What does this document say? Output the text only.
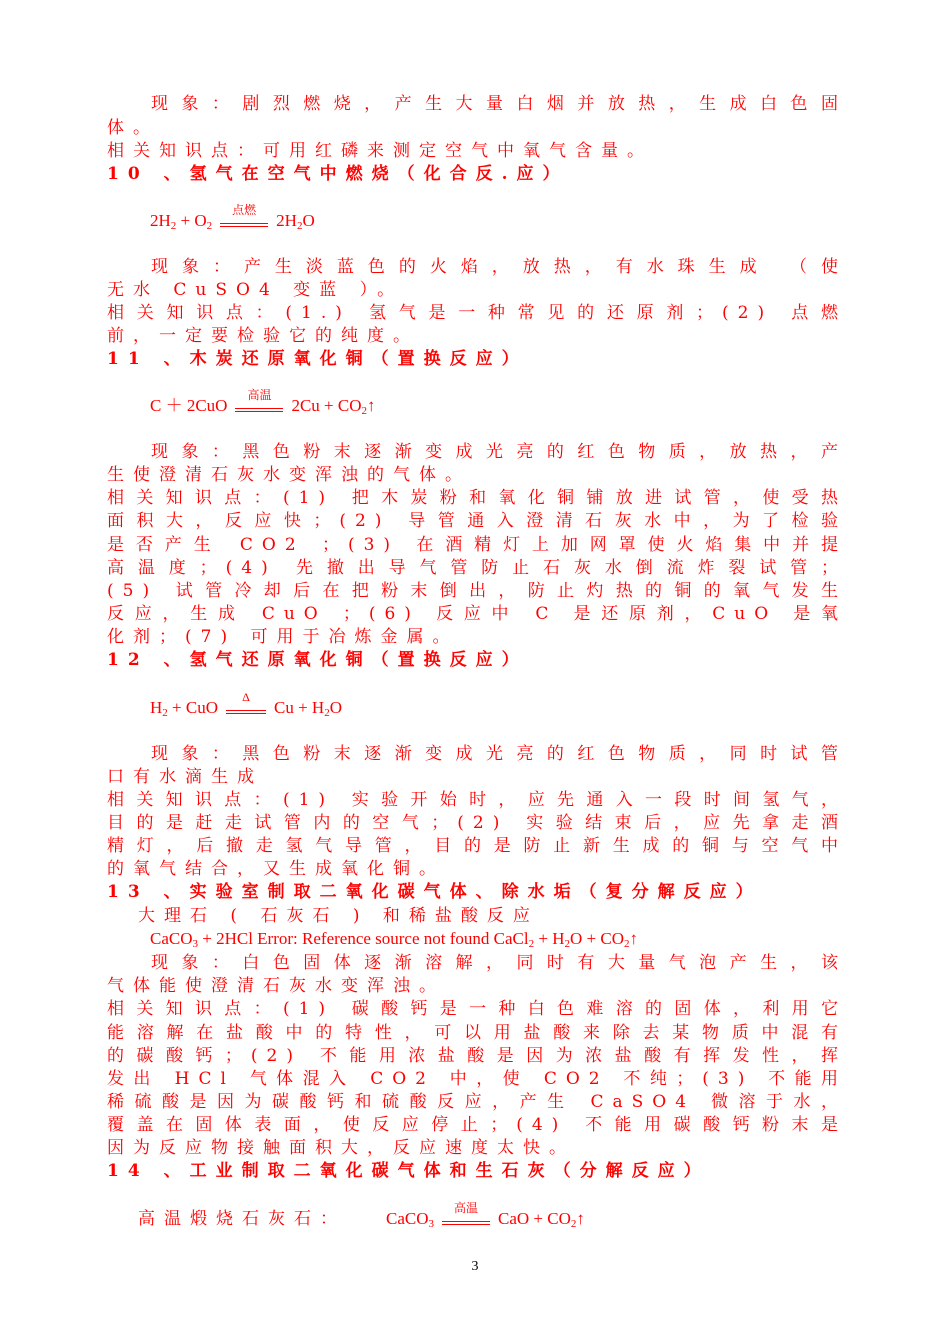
现象：剧烈燃烧，产生大量白烟并放热，生成白色固
体。
相关知识点：可用红磷来测定空气中氧气含量。
10 、氢气在空气中燃烧（化合反.应）
$2H_2 + O_2$
点燃
$2H_2O$
现象：产生淡蓝色的火焰，放热，有水珠生成 （使
无水 CuSO4 变蓝 ）。
相关知识点：(1.) 氢气是一种常见的还原剂；(2) 点燃
前，一定要检验它的纯度。
11 、木炭还原氧化铜（置换反应）
C ＋ 2CuO
高温
$2Cu + CO_2↑$
现象：黑色粉末逐渐变成光亮的红色物质，放热，产
生使澄清石灰水变浑浊的气体。
相关知识点：(1) 把木炭粉和氧化铜铺放进试管，使受热
面积大，反应快；(2) 导管通入澄清石灰水中，为了检验
是否产生 CO2 ；(3) 在酒精灯上加网罩使火焰集中并提
高温度；(4) 先撤出导气管防止石灰水倒流炸裂试管；
(5) 试管冷却后在把粉末倒出，防止灼热的铜的氧气发生
反应，生成 CuO ；(6) 反应中 C 是还原剂，CuO 是氧
化剂；(7) 可用于冶炼金属。
12 、氢气还原氧化铜（置换反应）
$H_2$ + CuO
Δ
$Cu + H_2O$
现象：黑色粉末逐渐变成光亮的红色物质，同时试管
口有水滴生成
相关知识点：(1) 实验开始时，应先通入一段时间氢气，
目的是赶走试管内的空气；(2) 实验结束后，应先拿走酒
精灯，后撤走氢气导管，目的是防止新生成的铜与空气中
的氧气结合，又生成氧化铜。
13 、实验室制取二氧化碳气体、除水垢（复分解反应）
大理石 ( 石灰石 ) 和稀盐酸反应
CaCO$_3$ + 2HCl Error: Reference source not found CaCl$_2$ + $H_2O$ + $CO_2↑$
现象：白色固体逐渐溶解，同时有大量气泡产生，该
气体能使澄清石灰水变浑浊。
相关知识点：(1) 碳酸钙是一种白色难溶的固体，利用它
能溶解在盐酸中的特性，可以用盐酸来除去某物质中混有
的碳酸钙；(2) 不能用浓盐酸是因为浓盐酸有挥发性，挥
发出 HCl 气体混入 CO2 中，使 CO2 不纯；(3) 不能用
稀硫酸是因为碳酸钙和硫酸反应，产生 CaSO4 微溶于水，
覆盖在固体表面，使反应停止；(4) 不能用碳酸钙粉末是
因为反应物接触面积大，反应速度太快。
14 、工业制取二氧化碳气体和生石灰（分解反应）
高温煅烧石灰石： CaCO$_3$
高温
CaO + $CO_2↑$
3
